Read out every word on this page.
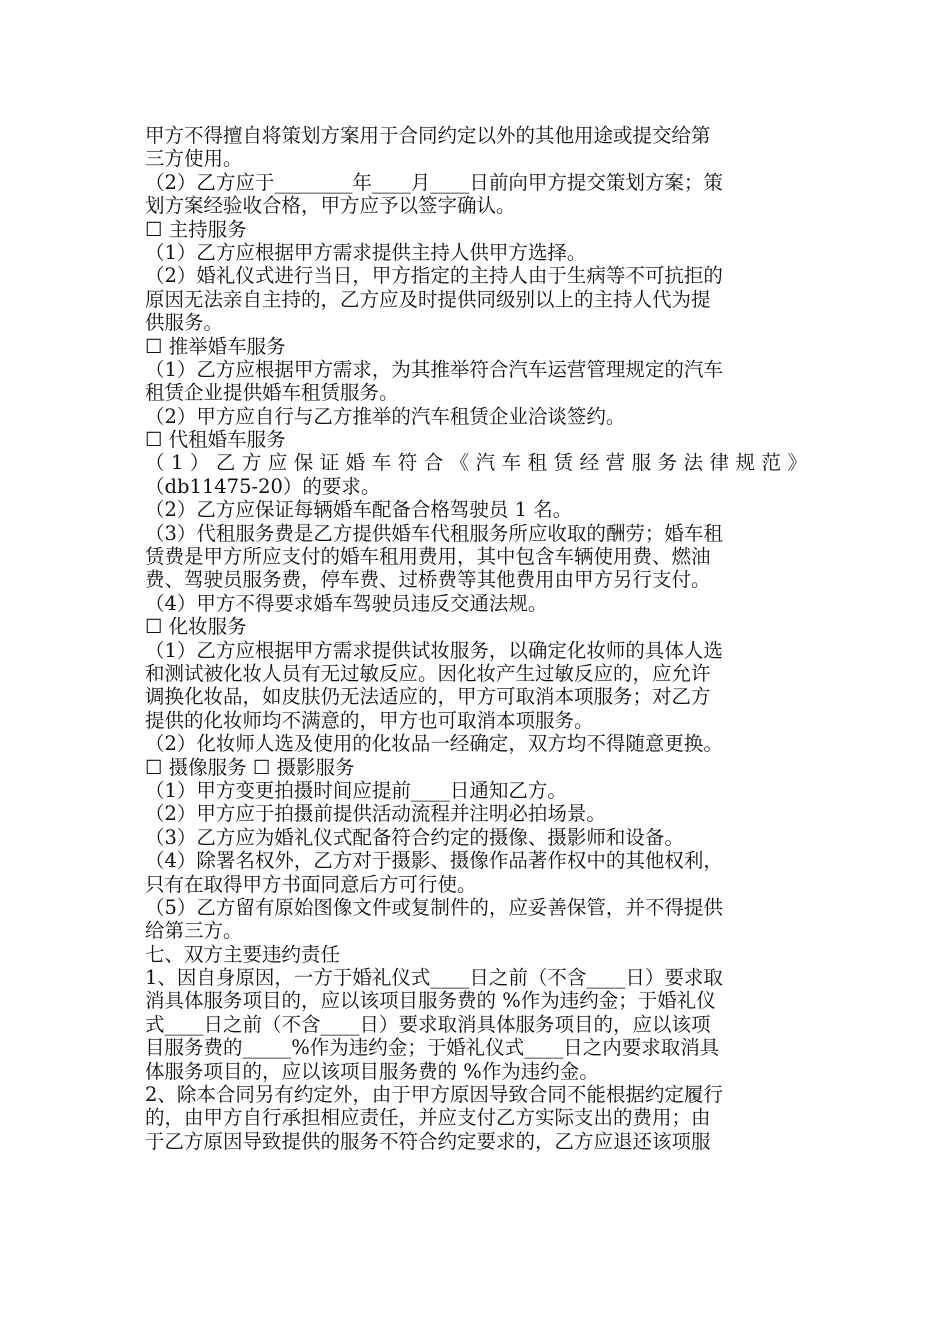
甲方不得擅自将策划方案用于合同约定以外的其他用途或提交给第
三方使用。
（2）乙方应于________年____月____日前向甲方提交策划方案；策
划方案经验收合格，甲方应予以签字确认。
☐ 主持服务
（1）乙方应根据甲方需求提供主持人供甲方选择。
（2）婚礼仪式进行当日，甲方指定的主持人由于生病等不可抗拒的
原因无法亲自主持的，乙方应及时提供同级别以上的主持人代为提
供服务。
☐ 推举婚车服务
（1）乙方应根据甲方需求，为其推举符合汽车运营管理规定的汽车
租赁企业提供婚车租赁服务。
（2）甲方应自行与乙方推举的汽车租赁企业洽谈签约。
☐ 代租婚车服务
（1）乙方应保证婚车符合《汽车租赁经营服务法律规范》
（db11475-20）的要求。
（2）乙方应保证每辆婚车配备合格驾驶员 1 名。
（3）代租服务费是乙方提供婚车代租服务所应收取的酬劳；婚车租
赁费是甲方所应支付的婚车租用费用，其中包含车辆使用费、燃油
费、驾驶员服务费，停车费、过桥费等其他费用由甲方另行支付。
（4）甲方不得要求婚车驾驶员违反交通法规。
☐ 化妆服务
（1）乙方应根据甲方需求提供试妆服务，以确定化妆师的具体人选
和测试被化妆人员有无过敏反应。因化妆产生过敏反应的，应允许
调换化妆品，如皮肤仍无法适应的，甲方可取消本项服务；对乙方
提供的化妆师均不满意的，甲方也可取消本项服务。
（2）化妆师人选及使用的化妆品一经确定，双方均不得随意更换。
☐ 摄像服务 ☐ 摄影服务
（1）甲方变更拍摄时间应提前____日通知乙方。
（2）甲方应于拍摄前提供活动流程并注明必拍场景。
（3）乙方应为婚礼仪式配备符合约定的摄像、摄影师和设备。
（4）除署名权外，乙方对于摄影、摄像作品著作权中的其他权利，
只有在取得甲方书面同意后方可行使。
（5）乙方留有原始图像文件或复制件的，应妥善保管，并不得提供
给第三方。
七、双方主要违约责任
1、因自身原因，一方于婚礼仪式____日之前（不含____日）要求取
消具体服务项目的，应以该项目服务费的 %作为违约金；于婚礼仪
式____日之前（不含____日）要求取消具体服务项目的，应以该项
目服务费的_____%作为违约金；于婚礼仪式____日之内要求取消具
体服务项目的，应以该项目服务费的 %作为违约金。
2、除本合同另有约定外，由于甲方原因导致合同不能根据约定履行
的，由甲方自行承担相应责任，并应支付乙方实际支出的费用；由
于乙方原因导致提供的服务不符合约定要求的，乙方应退还该项服
